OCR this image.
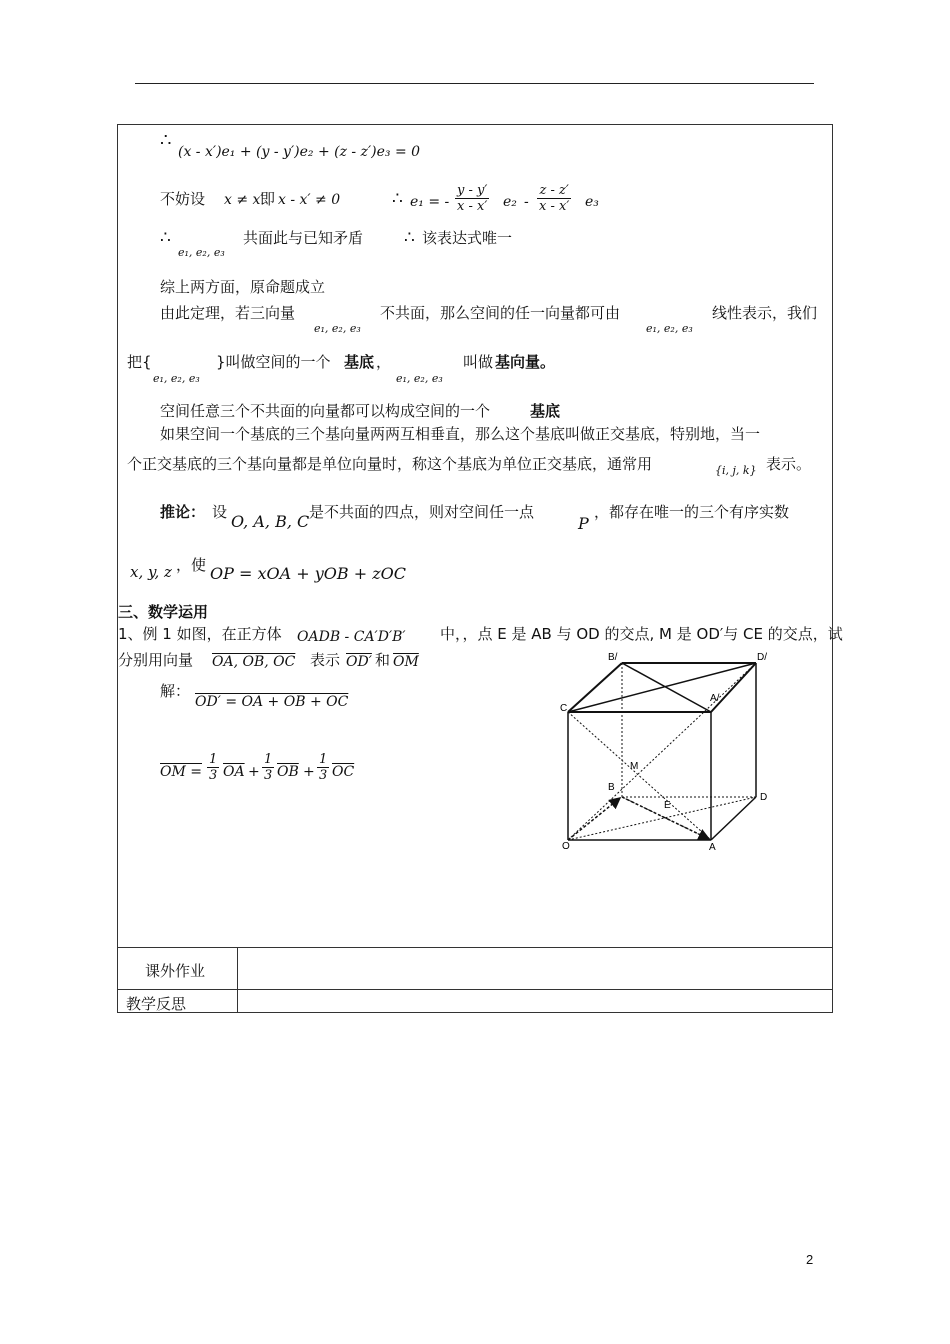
课外作业
教学反思
∴
(x - x′)e₁ + (y - y′)e₂ + (z - z′)e₃ = 0
不妨设 x ≠ x′
即 x - x′ ≠ 0	∴ e₁ = - $\frac{y - y'}{x - x'} e_2 - \frac{z - z'}{x - x'} e_3$
∴
e₁, e₂, e₃
共面此与已知矛盾 ∴ 该表达式唯一
综上两方面，原命题成立
由此定理，若三向量
e₁, e₂, e₃
不共面，那么空间的任一向量都可由
e₁, e₂, e₃
线性表示，我们
把{
e₁, e₂, e₃
}叫做空间的一个 基底 ，
e₁, e₂, e₃
叫做 基向量。
空间任意三个不共面的向量都可以构成空间的一个	基底
如果空间一个基底的三个基向量两两互相垂直，那么这个基底叫做正交基底，特别地，当一
个正交基底的三个基向量都是单位向量时，称这个基底为单位正交基底，通常用	{i, j, k} 表示。
推论： 设 O, A, B, C 是不共面的四点，则对空间任一点
P
，都存在唯一的三个有序实数
x, y, z ，使 OP = xOA + yOB + zOC
三、数学运用
1、例 1 如图，在正方体 OADB - CA′D′B′ 中，，点 E 是 AB 与 OD 的交点, M 是 OD′与 CE 的交点，试
分别用向量 OA, OB, OC 表示 OD′ 和 $\overline{OM}$
解：
OD′ = OA + OB + OC
OM = $\frac{1}{3} \overline{OA} + \frac{1}{3} \overline{OB} + \frac{1}{3} \overline{OC}$
B/	D/
A/
C
M
B
D
E
O	A
2
